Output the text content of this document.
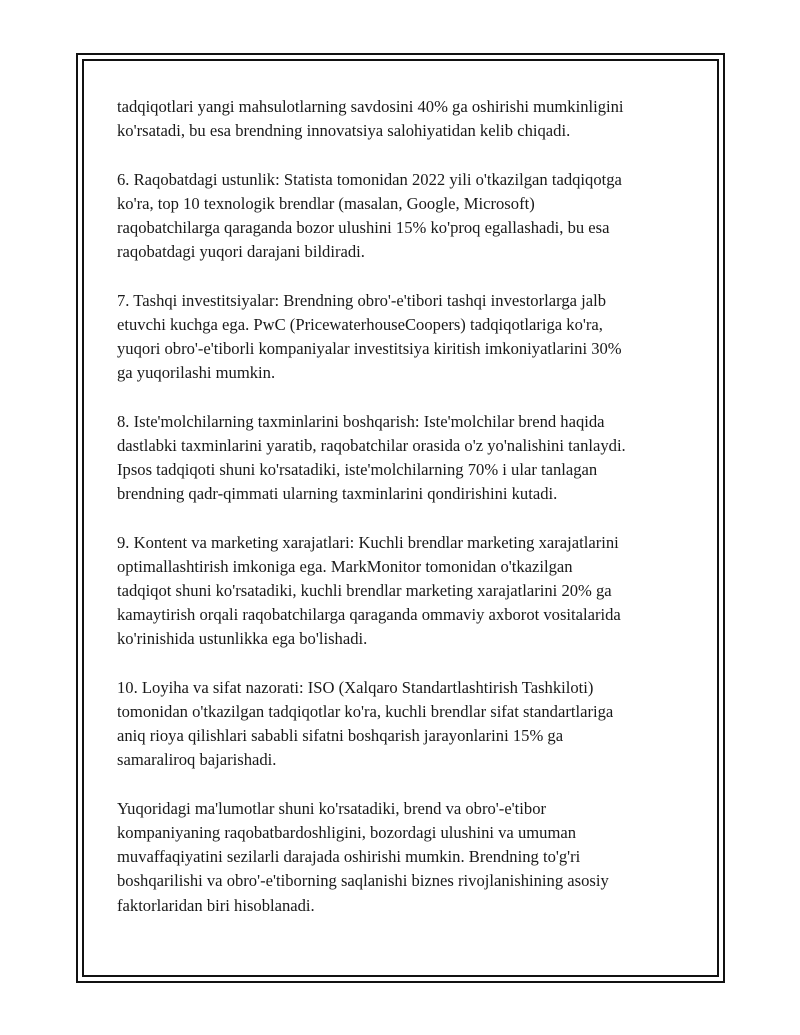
tadqiqotlari yangi mahsulotlarning savdosini 40% ga oshirishi mumkinligini
ko'rsatadi, bu esa brendning innovatsiya salohiyatidan kelib chiqadi.

6. Raqobatdagi ustunlik: Statista tomonidan 2022 yili o'tkazilgan tadqiqotga
ko'ra, top 10 texnologik brendlar (masalan, Google, Microsoft)
raqobatchilarga qaraganda bozor ulushini 15% ko'proq egallashadi, bu esa
raqobatdagi yuqori darajani bildiradi.

7. Tashqi investitsiyalar: Brendning obro'-e'tibori tashqi investorlarga jalb
etuvchi kuchga ega. PwC (PricewaterhouseCoopers) tadqiqotlariga ko'ra,
yuqori obro'-e'tiborli kompaniyalar investitsiya kiritish imkoniyatlarini 30%
ga yuqorilashi mumkin.

8. Iste'molchilarning taxminlarini boshqarish: Iste'molchilar brend haqida
dastlabki taxminlarini yaratib, raqobatchilar orasida o'z yo'nalishini tanlaydi.
Ipsos tadqiqoti shuni ko'rsatadiki, iste'molchilarning 70% i ular tanlagan
brendning qadr-qimmati ularning taxminlarini qondirishini kutadi.

9. Kontent va marketing xarajatlari: Kuchli brendlar marketing xarajatlarini
optimallashtirish imkoniga ega. MarkMonitor tomonidan o'tkazilgan
tadqiqot shuni ko'rsatadiki, kuchli brendlar marketing xarajatlarini 20% ga
kamaytirish orqali raqobatchilarga qaraganda ommaviy axborot vositalarida
ko'rinishida ustunlikka ega bo'lishadi.

10. Loyiha va sifat nazorati: ISO (Xalqaro Standartlashtirish Tashkiloti)
tomonidan o'tkazilgan tadqiqotlar ko'ra, kuchli brendlar sifat standartlariga
aniq rioya qilishlari sababli sifatni boshqarish jarayonlarini 15% ga
samaraliroq bajarishadi.

Yuqoridagi ma'lumotlar shuni ko'rsatadiki, brend va obro'-e'tibor
kompaniyaning raqobatbardoshligini, bozordagi ulushini va umuman
muvaffaqiyatini sezilarli darajada oshirishi mumkin. Brendning to'g'ri
boshqarilishi va obro'-e'tiborning saqlanishi biznes rivojlanishining asosiy
faktorlaridan biri hisoblanadi.
